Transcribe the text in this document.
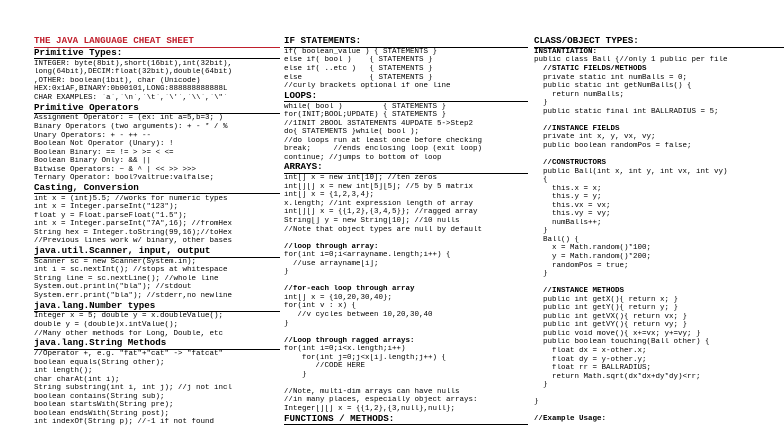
THE JAVA LANGUAGE CHEAT SHEET
Primitive Types:
INTEGER: byte(8bit),short(16bit),int(32bit),
long(64bit),DECIM:float(32bit),double(64bit)
,OTHER: boolean(1bit), char (Unicode)
HEX:0x1AF,BINARY:0b00101,LONG:888888888888L
CHAR EXAMPLES: `a`,`\n`,`\t`,`\'`,`\\`,`\"`
Primitive Operators
Assignment Operator: = (ex: int a=5,b=3; )
Binary Operators (two arguments): + - * / %
Unary Operators: + - ++ --
Boolean Not Operator (Unary): !
Boolean Binary: == != > >= < <=
Boolean Binary Only: && ||
Bitwise Operators: ~ & ^ | << >> >>>
Ternary Operator: bool?valtrue:valfalse;
Casting, Conversion
int x = (int)5.5; //works for numeric types
int x = Integer.parseInt("123");
float y = Float.parseFloat("1.5");
int x = Integer.parseInt("7A",16); //fromHex
String hex = Integer.toString(99,16);//toHex
//Previous lines work w/ binary, other bases
java.util.Scanner, input, output
Scanner sc = new Scanner(System.in);
int i = sc.nextInt(); //stops at whitespace
String line = sc.nextLine(); //whole line
System.out.println("bla"); //stdout
System.err.print("bla"); //stderr,no newline
java.lang.Number types
Integer x = 5; double y = x.doubleValue();
double y = (double)x.intValue();
//Many other methods for Long, Double, etc
java.lang.String Methods
//Operator +, e.g. "fat"+"cat" -> "fatcat"
boolean equals(String other);
int length();
char charAt(int i);
String substring(int i, int j); //j not incl
boolean contains(String sub);
boolean startsWith(String pre);
boolean endsWith(String post);
int indexOf(String p); //-1 if not found
IF STATEMENTS:
if( boolean_value ) { STATEMENTS }
else if( bool )    { STATEMENTS }
else if( ..etc )   { STATEMENTS }
else               { STATEMENTS }
//curly brackets optional if one line
LOOPS:
while( bool )         { STATEMENTS }
for(INIT;BOOL;UPDATE) { STATEMENTS }
//1INIT 2BOOL 3STATEMENTS 4UPDATE 5->Step2
do{ STATEMENTS }while( bool );
//do loops run at least once before checking
break;     //ends enclosing loop (exit loop)
continue; //jumps to bottom of loop
ARRAYS:
int[] x = new int[10]; //ten zeros
int[][] x = new int[5][5]; //5 by 5 matrix
int[] x = {1,2,3,4};
x.length; //int expression length of array
int[][] x = {{1,2},{3,4,5}}; //ragged array
String[] y = new String[10]; //10 nulls
//Note that object types are null by default

//loop through array:
for(int i=0;i<arrayname.length;i++) {
//use arrayname[i];
}

//for-each loop through array
int[] x = {10,20,30,40};
for(int v : x) {
//v cycles between 10,20,30,40
}

//Loop through ragged arrays:
for(int i=0;i<x.length;i++)
for(int j=0;j<x[i].length;j++) {
//CODE HERE
}

//Note, multi-dim arrays can have nulls
//in many places, especially object arrays:
Integer[][] x = {{1,2},{3,null},null};
FUNCTIONS / METHODS:
CLASS/OBJECT TYPES:
INSTANTIATION:
public class Ball {//only 1 public per file
//STATIC FIELDS/METHODS
private static int numBalls = 0;
public static int getNumBalls() {
return numBalls;
}
public static final int BALLRADIUS = 5;

//INSTANCE FIELDS
private int x, y, vx, vy;
public boolean randomPos = false;

//CONSTRUCTORS
public Ball(int x, int y, int vx, int vy)
{
this.x = x;
this.y = y;
this.vx = vx;
this.vy = vy;
numBalls++;
}
Ball() {
x = Math.random()*100;
y = Math.random()*200;
randomPos = true;
}

//INSTANCE METHODS
public int getX(){ return x; }
public int getY(){ return y; }
public int getVX(){ return vx; }
public int getVY(){ return vy; }
public void move(){ x+=vx; y+=vy; }
public boolean touching(Ball other) {
float dx = x-other.x;
float dy = y-other.y;
float rr = BALLRADIUS;
return Math.sqrt(dx*dx+dy*dy)<rr;
}

}

//Example Usage:
